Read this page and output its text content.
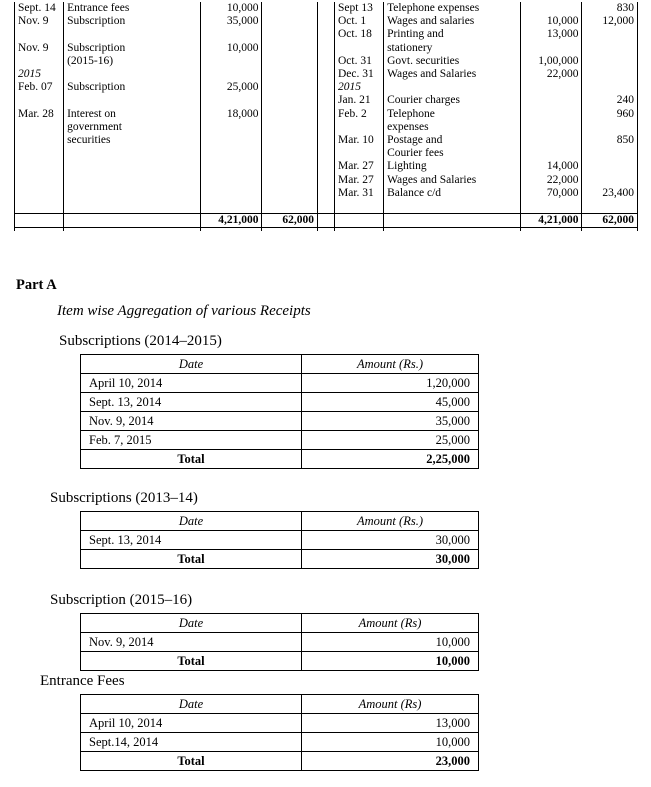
Sept. 14	Entrance fees	10,000			Sept 13	Telephone expenses		830
Nov. 9	Subscription	35,000			Oct. 1	Wages and salaries	10,000	12,000
					Oct. 18	Printing and	13,000	
Nov. 9	Subscription	10,000				stationery		
	(2015-16)				Oct. 31	Govt. securities	1,00,000	
2015					Dec. 31	Wages and Salaries	22,000	
Feb. 07	Subscription	25,000			2015			
					Jan. 21	Courier charges		240
Mar. 28	Interest on	18,000			Feb. 2	Telephone		960
	government					expenses		
	securities				Mar. 10	Postage and		850
						Courier fees		
					Mar. 27	Lighting	14,000	
					Mar. 27	Wages and Salaries	22,000	
					Mar. 31	Balance c/d	70,000	23,400

		4,21,000	62,000				4,21,000	62,000

Part A
Item wise Aggregation of various Receipts
Subscriptions (2014–2015)
Date	Amount (Rs.)
April 10, 2014	1,20,000
Sept. 13, 2014	45,000
Nov. 9, 2014	35,000
Feb. 7, 2015	25,000
Total	2,25,000
Subscriptions (2013–14)
Date	Amount (Rs.)
Sept. 13, 2014	30,000
Total	30,000
Subscription (2015–16)
Date	Amount (Rs)
Nov. 9, 2014	10,000
Total	10,000
Entrance Fees
Date	Amount (Rs)
April 10, 2014	13,000
Sept.14, 2014	10,000
Total	23,000
